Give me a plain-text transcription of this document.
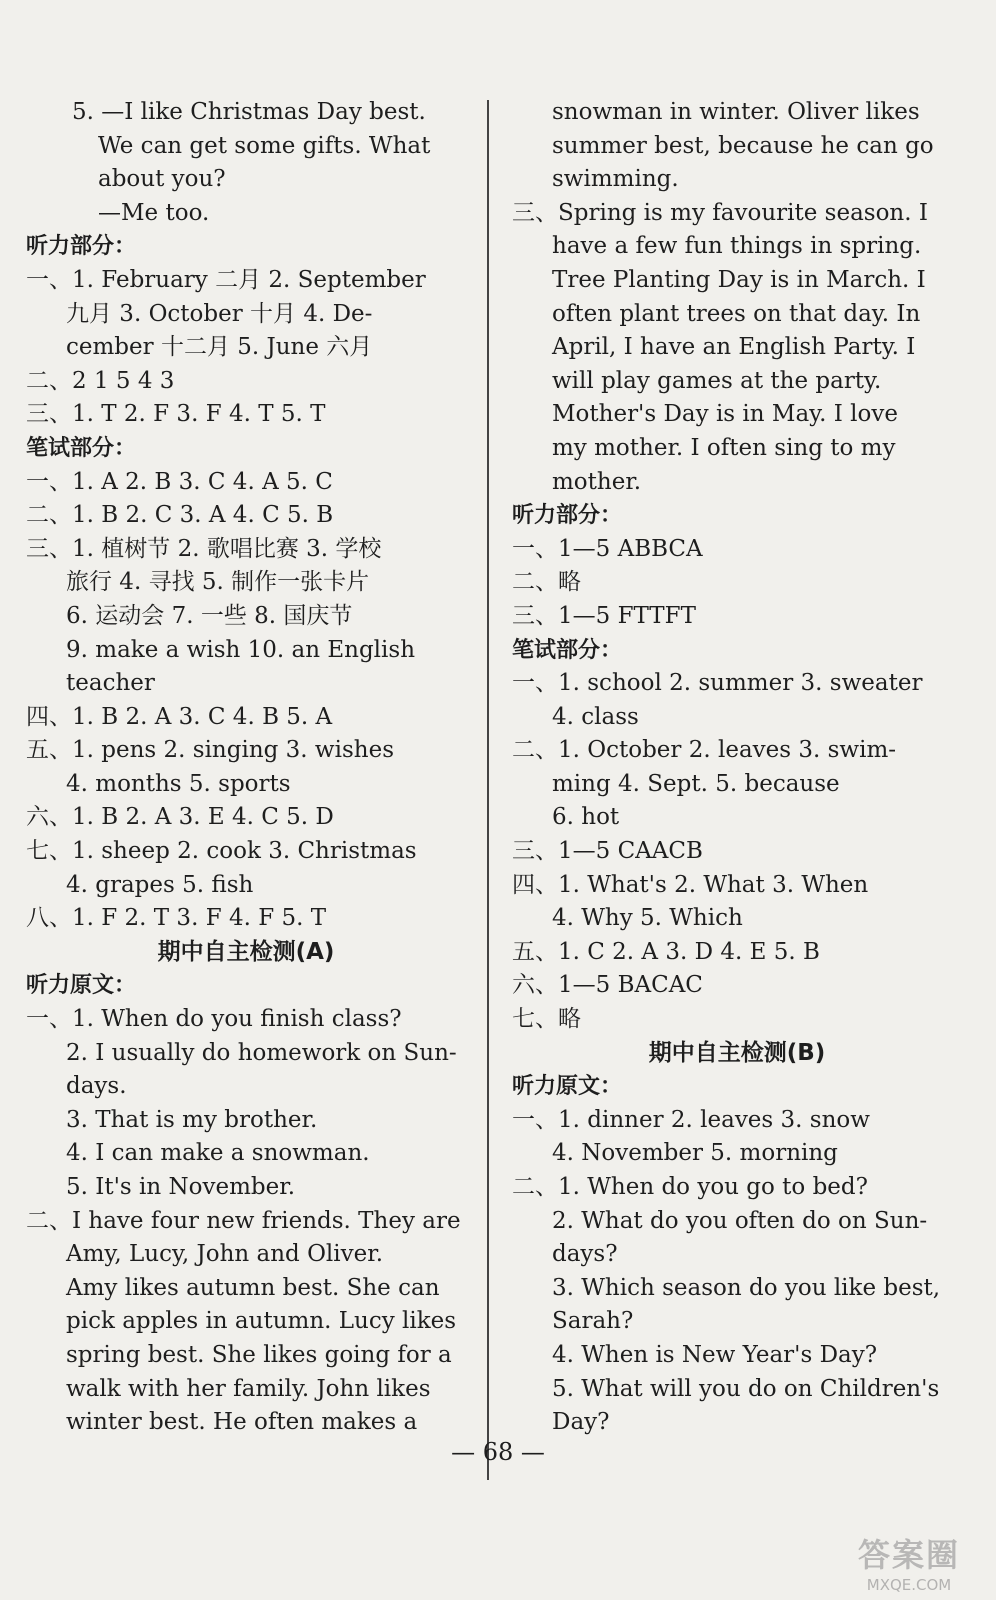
5. —I like Christmas Day best.
We can get some gifts. What
about you?
—Me too.
听力部分：
一、1. February 二月 2. September
九月 3. October 十月 4. De-
cember 十二月 5. June 六月
二、2 1 5 4 3
三、1. T 2. F 3. F 4. T 5. T
笔试部分：
一、1. A 2. B 3. C 4. A 5. C
二、1. B 2. C 3. A 4. C 5. B
三、1. 植树节 2. 歌唱比赛 3. 学校
旅行 4. 寻找 5. 制作一张卡片
6. 运动会 7. 一些 8. 国庆节
9. make a wish 10. an English
teacher
四、1. B 2. A 3. C 4. B 5. A
五、1. pens 2. singing 3. wishes
4. months 5. sports
六、1. B 2. A 3. E 4. C 5. D
七、1. sheep 2. cook 3. Christmas
4. grapes 5. fish
八、1. F 2. T 3. F 4. F 5. T
期中自主检测(A)
听力原文：
一、1. When do you finish class?
2. I usually do homework on Sun-
days.
3. That is my brother.
4. I can make a snowman.
5. It's in November.
二、I have four new friends. They are
Amy, Lucy, John and Oliver.
Amy likes autumn best. She can
pick apples in autumn. Lucy likes
spring best. She likes going for a
walk with her family. John likes
winter best. He often makes a
snowman in winter. Oliver likes
summer best, because he can go
swimming.
三、Spring is my favourite season. I
have a few fun things in spring.
Tree Planting Day is in March. I
often plant trees on that day. In
April, I have an English Party. I
will play games at the party.
Mother's Day is in May. I love
my mother. I often sing to my
mother.
听力部分：
一、1—5 ABBCA
二、略
三、1—5 FTTFT
笔试部分：
一、1. school 2. summer 3. sweater
4. class
二、1. October 2. leaves 3. swim-
ming 4. Sept. 5. because
6. hot
三、1—5 CAACB
四、1. What's 2. What 3. When
4. Why 5. Which
五、1. C 2. A 3. D 4. E 5. B
六、1—5 BACAC
七、略
期中自主检测(B)
听力原文：
一、1. dinner 2. leaves 3. snow
4. November 5. morning
二、1. When do you go to bed?
2. What do you often do on Sun-
days?
3. Which season do you like best,
Sarah?
4. When is New Year's Day?
5. What will you do on Children's
Day?
— 68 —
答案圈
MXQE.COM
